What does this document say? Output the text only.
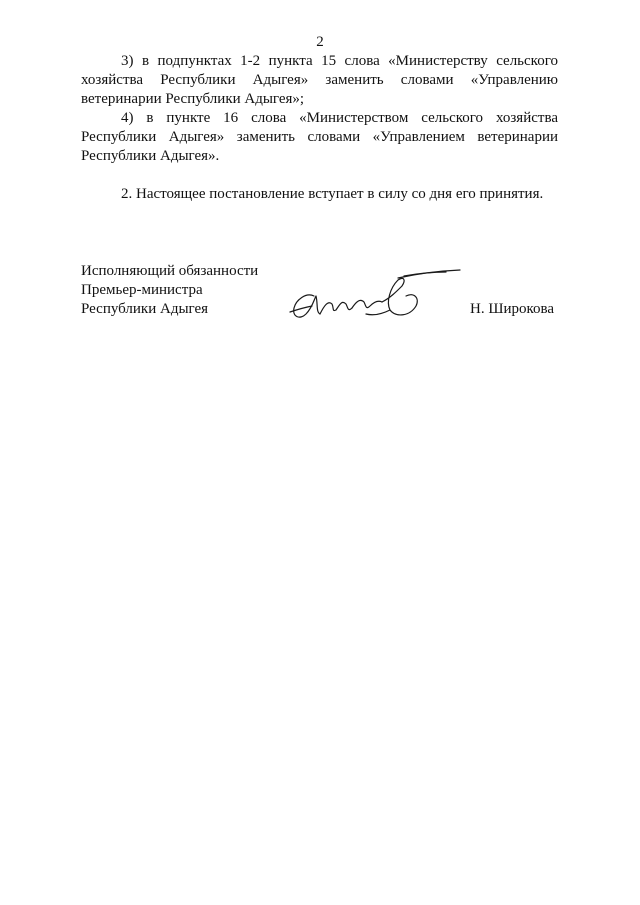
2

3) в подпунктах 1-2 пункта 15 слова «Министерству сельского хозяйства Республики Адыгея» заменить словами «Управлению ветеринарии Республики Адыгея»;

4) в пункте 16 слова «Министерством сельского хозяйства Республики Адыгея» заменить словами «Управлением ветеринарии Республики Адыгея».

2. Настоящее постановление вступает в силу со дня его принятия.

Исполняющий обязанности
Премьер-министра
Республики Адыгея	Н. Широкова
